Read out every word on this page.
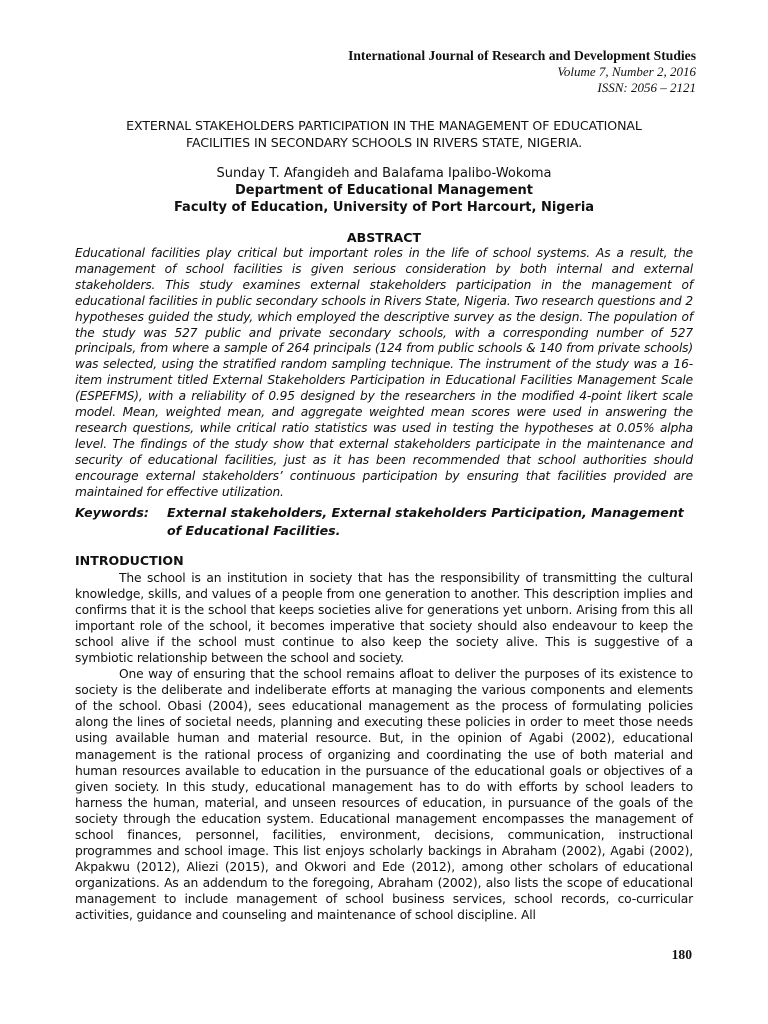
International Journal of Research and Development Studies
Volume 7, Number 2, 2016
ISSN: 2056 – 2121
EXTERNAL STAKEHOLDERS PARTICIPATION IN THE MANAGEMENT OF EDUCATIONAL
FACILITIES IN SECONDARY SCHOOLS IN RIVERS STATE, NIGERIA.
Sunday T. Afangideh and Balafama Ipalibo-Wokoma
Department of Educational Management
Faculty of Education, University of Port Harcourt, Nigeria
ABSTRACT
Educational facilities play critical but important roles in the life of school systems. As a result, the management of school facilities is given serious consideration by both internal and external stakeholders. This study examines external stakeholders participation in the management of educational facilities in public secondary schools in Rivers State, Nigeria. Two research questions and 2 hypotheses guided the study, which employed the descriptive survey as the design. The population of the study was 527 public and private secondary schools, with a corresponding number of 527 principals, from where a sample of 264 principals (124 from public schools & 140 from private schools) was selected, using the stratified random sampling technique. The instrument of the study was a 16-item instrument titled External Stakeholders Participation in Educational Facilities Management Scale (ESPEFMS), with a reliability of 0.95 designed by the researchers in the modified 4-point likert scale model. Mean, weighted mean, and aggregate weighted mean scores were used in answering the research questions, while critical ratio statistics was used in testing the hypotheses at 0.05% alpha level. The findings of the study show that external stakeholders participate in the maintenance and security of educational facilities, just as it has been recommended that school authorities should encourage external stakeholders’ continuous participation by ensuring that facilities provided are maintained for effective utilization.
Keywords:	External stakeholders, External stakeholders Participation, Management of Educational Facilities.
INTRODUCTION

The school is an institution in society that has the responsibility of transmitting the cultural knowledge, skills, and values of a people from one generation to another. This description implies and confirms that it is the school that keeps societies alive for generations yet unborn. Arising from this all important role of the school, it becomes imperative that society should also endeavour to keep the school alive if the school must continue to also keep the society alive. This is suggestive of a symbiotic relationship between the school and society.

One way of ensuring that the school remains afloat to deliver the purposes of its existence to society is the deliberate and indeliberate efforts at managing the various components and elements of the school. Obasi (2004), sees educational management as the process of formulating policies along the lines of societal needs, planning and executing these policies in order to meet those needs using available human and material resource. But, in the opinion of Agabi (2002), educational management is the rational process of organizing and coordinating the use of both material and human resources available to education in the pursuance of the educational goals or objectives of a given society. In this study, educational management has to do with efforts by school leaders to harness the human, material, and unseen resources of education, in pursuance of the goals of the society through the education system. Educational management encompasses the management of school finances, personnel, facilities, environment, decisions, communication, instructional programmes and school image. This list enjoys scholarly backings in Abraham (2002), Agabi (2002), Akpakwu (2012), Aliezi (2015), and Okwori and Ede (2012), among other scholars of educational organizations. As an addendum to the foregoing, Abraham (2002), also lists the scope of educational management to include management of school business services, school records, co-curricular activities, guidance and counseling and maintenance of school discipline. All

180
